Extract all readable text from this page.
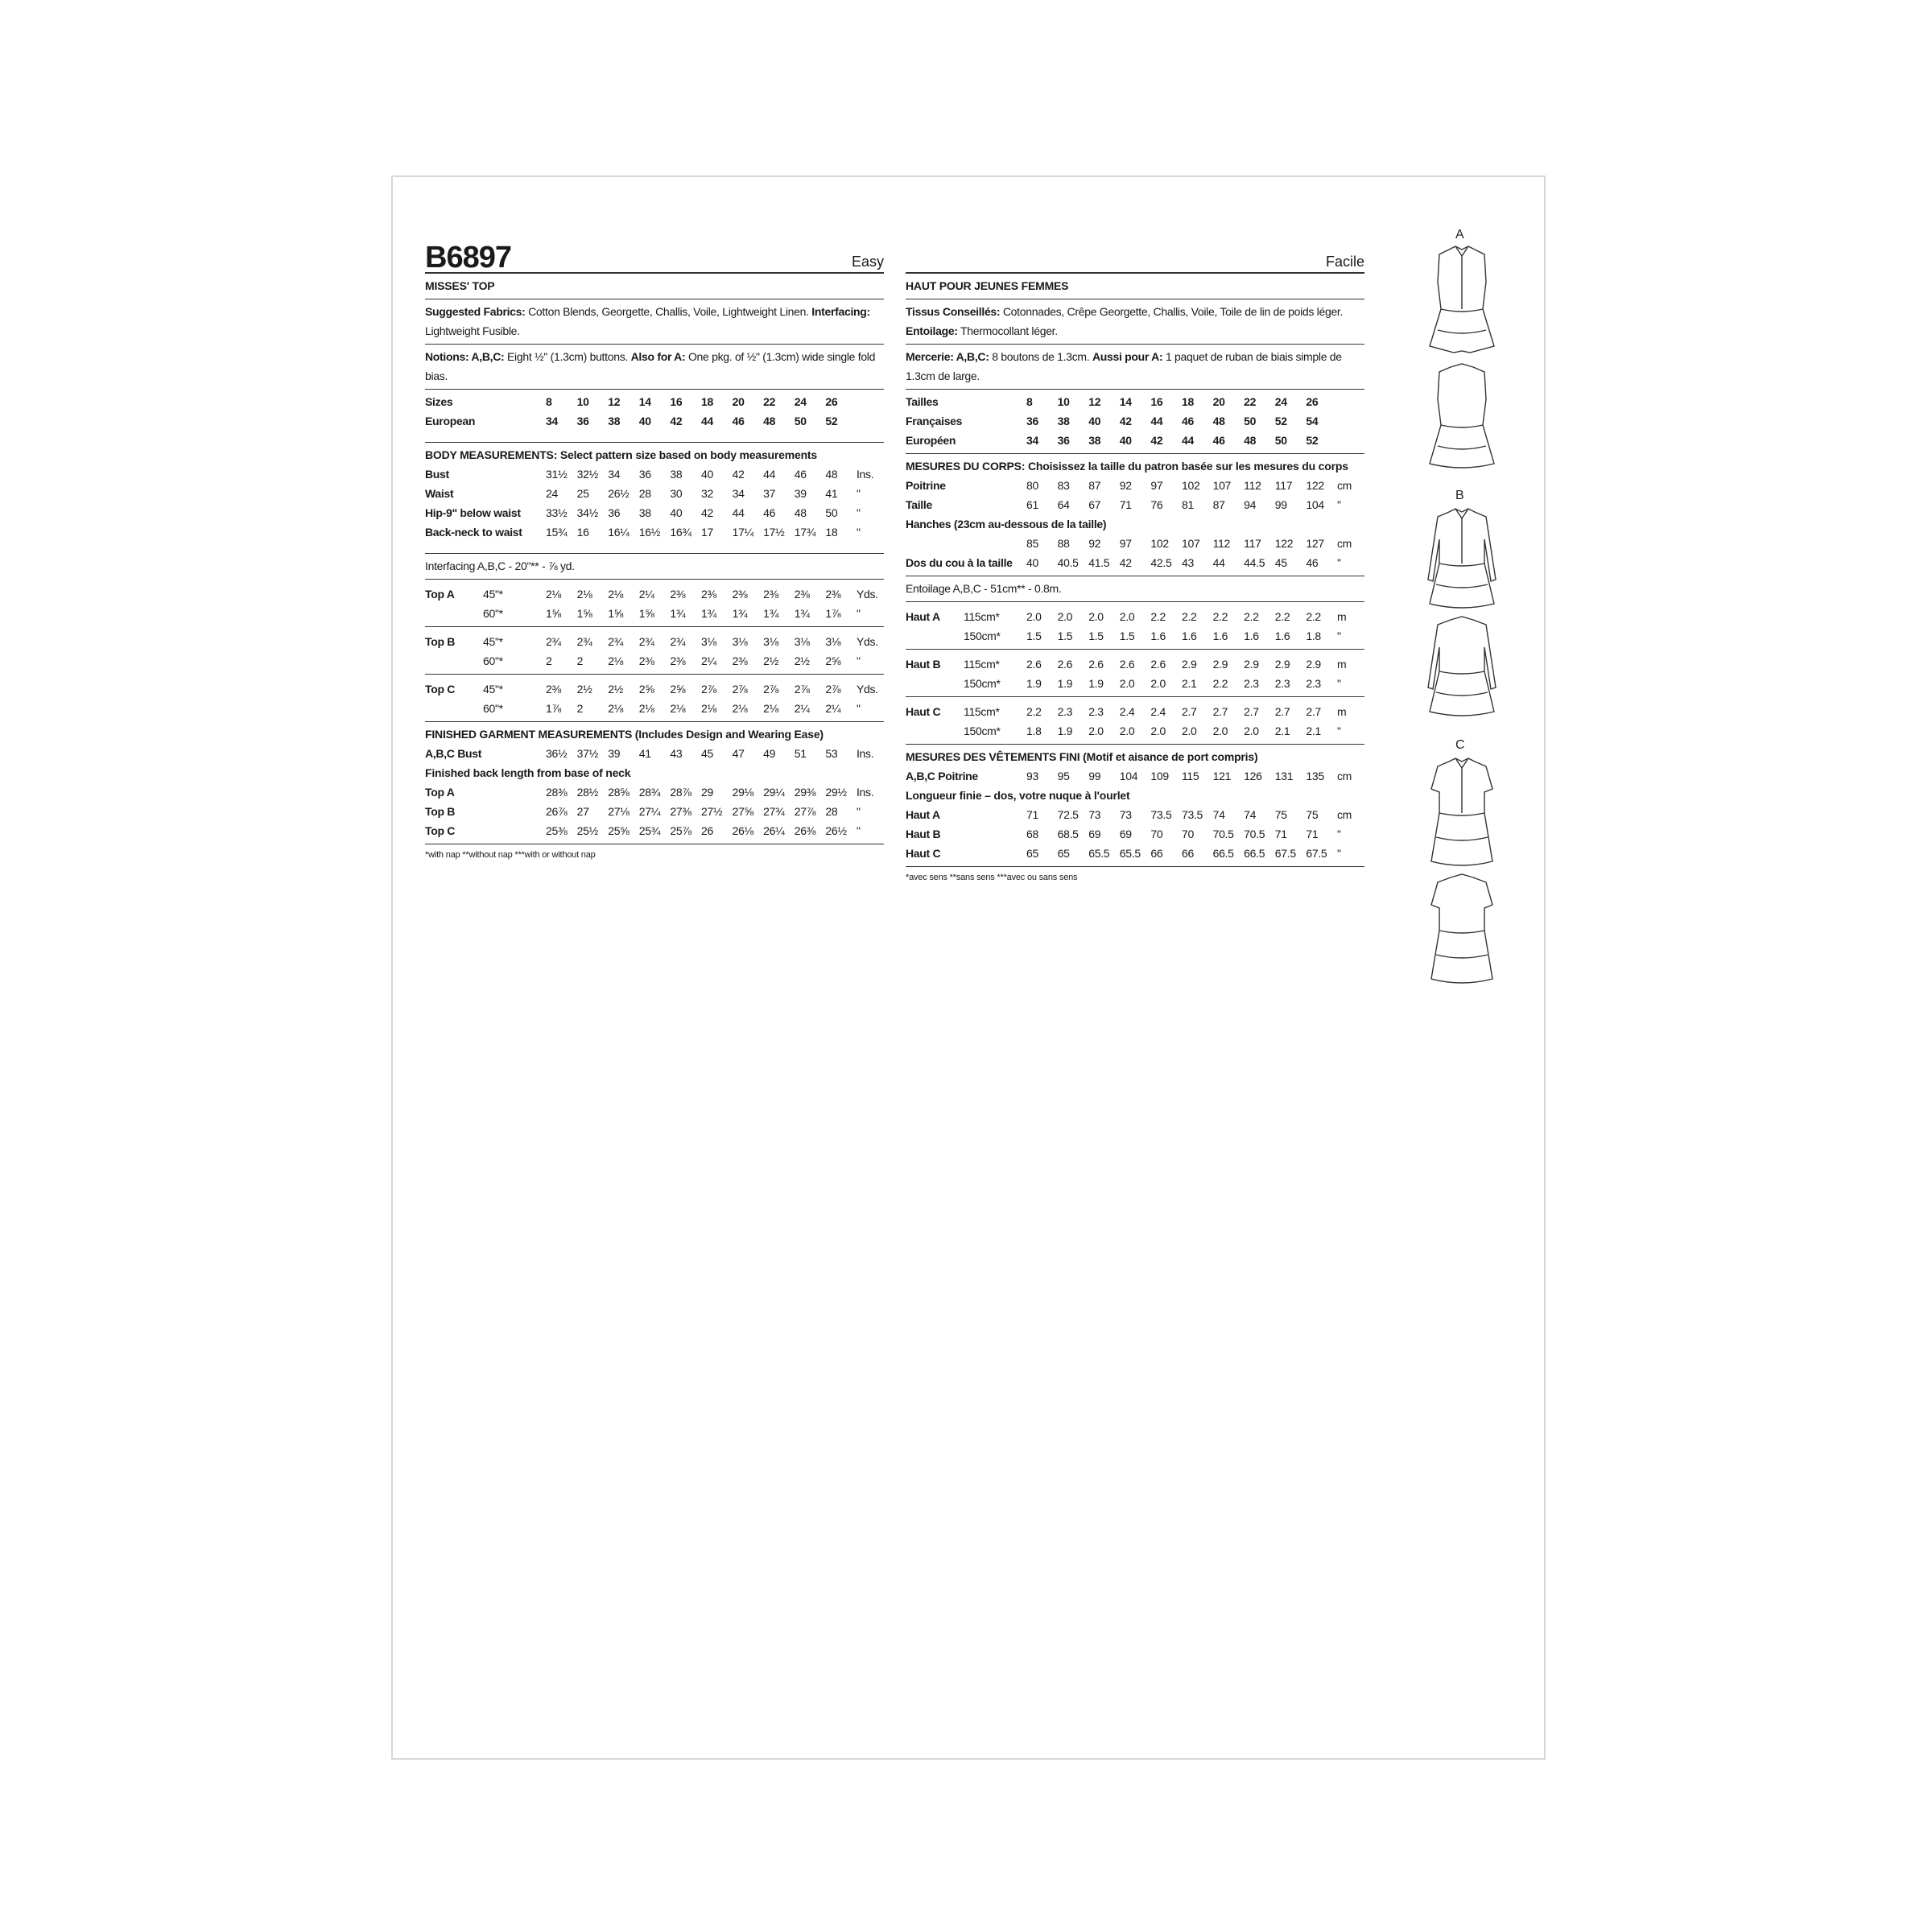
B6897	Easy
MISSES' TOP
Suggested Fabrics: Cotton Blends, Georgette, Challis, Voile, Lightweight Linen. Interfacing: Lightweight Fusible.
Notions: A,B,C: Eight ½" (1.3cm) buttons. Also for A: One pkg. of ½" (1.3cm) wide single fold bias.
Sizes	8	10	12	14	16	18	20	22	24	26	
European	34	36	38	40	42	44	46	48	50	52	
BODY MEASUREMENTS: Select pattern size based on body measurements
Bust	31½	32½	34	36	38	40	42	44	46	48	Ins.
Waist	24	25	26½	28	30	32	34	37	39	41	"
Hip-9" below waist	33½	34½	36	38	40	42	44	46	48	50	"
Back-neck to waist	15¾	16	16¼	16½	16¾	17	17¼	17½	17¾	18	"
Interfacing A,B,C - 20"** - ⅞ yd.
Top A	45"*	2⅛	2⅛	2⅛	2¼	2⅜	2⅜	2⅜	2⅜	2⅜	2⅜	Yds.
	60"*	1⅝	1⅝	1⅝	1⅝	1¾	1¾	1¾	1¾	1¾	1⅞	"
Top B	45"*	2¾	2¾	2¾	2¾	2¾	3⅛	3⅛	3⅛	3⅛	3⅛	Yds.
	60"*	2	2	2⅛	2⅜	2⅜	2¼	2⅜	2½	2½	2⅝	"
Top C	45"*	2⅜	2½	2½	2⅝	2⅝	2⅞	2⅞	2⅞	2⅞	2⅞	Yds.
	60"*	1⅞	2	2⅛	2⅛	2⅛	2⅛	2⅛	2⅛	2¼	2¼	"
FINISHED GARMENT MEASUREMENTS (Includes Design and Wearing Ease)
A,B,C Bust	36½	37½	39	41	43	45	47	49	51	53	Ins.
Finished back length from base of neck
Top A	28⅜	28½	28⅝	28¾	28⅞	29	29⅛	29¼	29⅜	29½	Ins.
Top B	26⅞	27	27⅛	27¼	27⅜	27½	27⅝	27¾	27⅞	28	"
Top C	25⅜	25½	25⅝	25¾	25⅞	26	26⅛	26¼	26⅜	26½	"
*with nap **without nap ***with or without nap
Facile
HAUT POUR JEUNES FEMMES
Tissus Conseillés: Cotonnades, Crêpe Georgette, Challis, Voile, Toile de lin de poids léger.
Entoilage: Thermocollant léger.
Mercerie: A,B,C: 8 boutons de 1.3cm. Aussi pour A: 1 paquet de ruban de biais simple de 1.3cm de large.
Tailles	8	10	12	14	16	18	20	22	24	26	
Françaises	36	38	40	42	44	46	48	50	52	54	
Européen	34	36	38	40	42	44	46	48	50	52	
MESURES DU CORPS: Choisissez la taille du patron basée sur les mesures du corps
Poitrine	80	83	87	92	97	102	107	112	117	122	cm
Taille	61	64	67	71	76	81	87	94	99	104	"
Hanches (23cm au-dessous de la taille)											
	85	88	92	97	102	107	112	117	122	127	cm
Dos du cou à la taille	40	40.5	41.5	42	42.5	43	44	44.5	45	46	"
Entoilage A,B,C - 51cm** - 0.8m.
Haut A	115cm*	2.0	2.0	2.0	2.0	2.2	2.2	2.2	2.2	2.2	2.2	m
	150cm*	1.5	1.5	1.5	1.5	1.6	1.6	1.6	1.6	1.6	1.8	"
Haut B	115cm*	2.6	2.6	2.6	2.6	2.6	2.9	2.9	2.9	2.9	2.9	m
	150cm*	1.9	1.9	1.9	2.0	2.0	2.1	2.2	2.3	2.3	2.3	"
Haut C	115cm*	2.2	2.3	2.3	2.4	2.4	2.7	2.7	2.7	2.7	2.7	m
	150cm*	1.8	1.9	2.0	2.0	2.0	2.0	2.0	2.0	2.1	2.1	"
MESURES DES VÊTEMENTS FINI (Motif et aisance de port compris)
A,B,C Poitrine	93	95	99	104	109	115	121	126	131	135	cm
Longueur finie – dos, votre nuque à l'ourlet
Haut A	71	72.5	73	73	73.5	73.5	74	74	75	75	cm
Haut B	68	68.5	69	69	70	70	70.5	70.5	71	71	"
Haut C	65	65	65.5	65.5	66	66	66.5	66.5	67.5	67.5	"
*avec sens **sans sens ***avec ou sans sens
A
B
C
